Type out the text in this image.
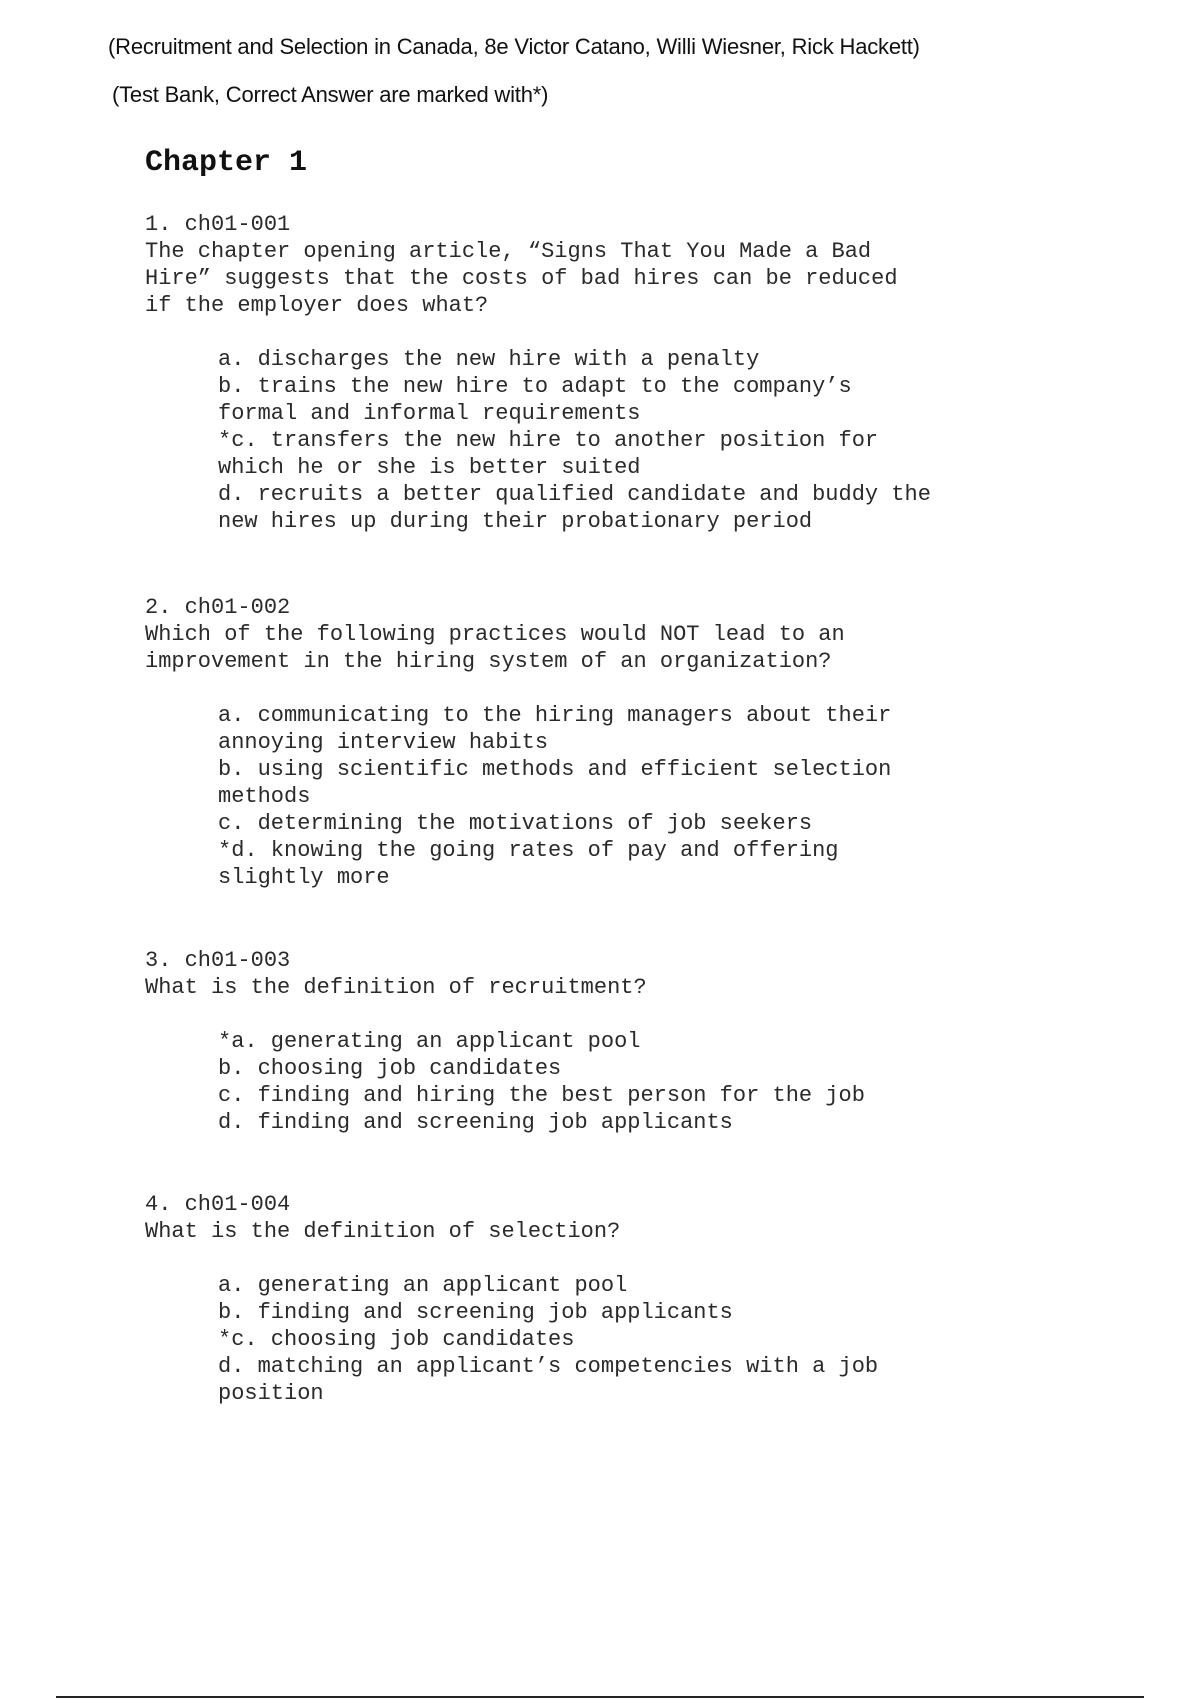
(Recruitment and Selection in Canada, 8e Victor Catano, Willi Wiesner, Rick Hackett)
(Test Bank, Correct Answer are marked with*)
Chapter 1
1. ch01-001
The chapter opening article, “Signs That You Made a Bad
Hire” suggests that the costs of bad hires can be reduced
if the employer does what?
a. discharges the new hire with a penalty
b. trains the new hire to adapt to the company’s
formal and informal requirements
*c. transfers the new hire to another position for
which he or she is better suited
d. recruits a better qualified candidate and buddy the
new hires up during their probationary period
2. ch01-002
Which of the following practices would NOT lead to an
improvement in the hiring system of an organization?
a. communicating to the hiring managers about their
annoying interview habits
b. using scientific methods and efficient selection
methods
c. determining the motivations of job seekers
*d. knowing the going rates of pay and offering
slightly more
3. ch01-003
What is the definition of recruitment?
*a. generating an applicant pool
b. choosing job candidates
c. finding and hiring the best person for the job
d. finding and screening job applicants
4. ch01-004
What is the definition of selection?
a. generating an applicant pool
b. finding and screening job applicants
*c. choosing job candidates
d. matching an applicant’s competencies with a job
position
